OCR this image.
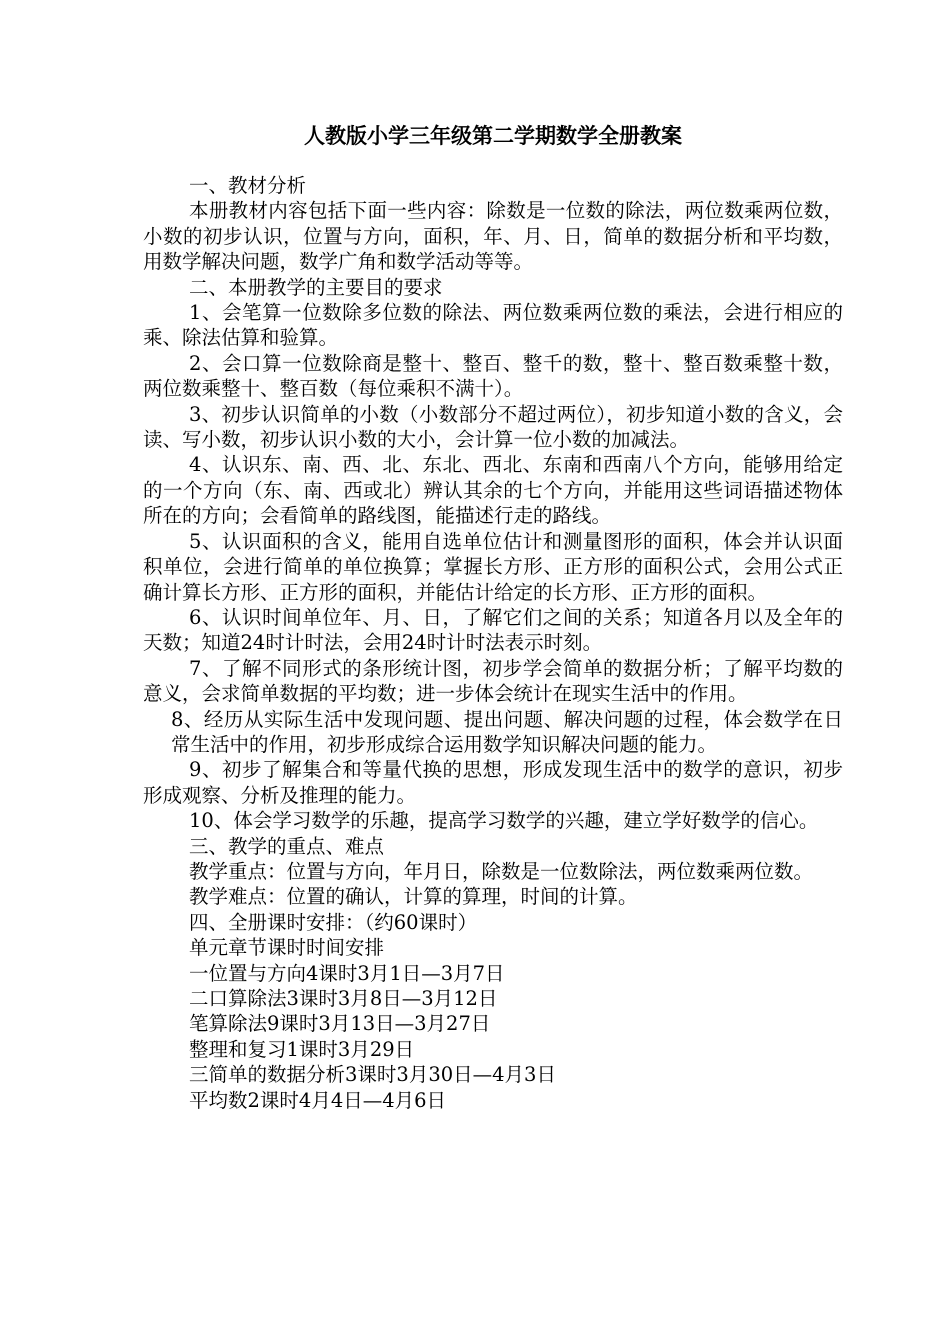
人教版小学三年级第二学期数学全册教案

一、教材分析

本册教材内容包括下面一些内容：除数是一位数的除法，两位数乘两位数，小数的初步认识，位置与方向，面积，年、月、日，简单的数据分析和平均数，用数学解决问题，数学广角和数学活动等等。

二、本册教学的主要目的要求

1、会笔算一位数除多位数的除法、两位数乘两位数的乘法，会进行相应的乘、除法估算和验算。

2、会口算一位数除商是整十、整百、整千的数，整十、整百数乘整十数，两位数乘整十、整百数（每位乘积不满十）。

3、初步认识简单的小数（小数部分不超过两位），初步知道小数的含义，会读、写小数，初步认识小数的大小，会计算一位小数的加减法。

4、认识东、南、西、北、东北、西北、东南和西南八个方向，能够用给定的一个方向（东、南、西或北）辨认其余的七个方向，并能用这些词语描述物体所在的方向；会看简单的路线图，能描述行走的路线。

5、认识面积的含义，能用自选单位估计和测量图形的面积，体会并认识面积单位，会进行简单的单位换算；掌握长方形、正方形的面积公式，会用公式正确计算长方形、正方形的面积，并能估计给定的长方形、正方形的面积。

6、认识时间单位年、月、日，了解它们之间的关系；知道各月以及全年的天数；知道24时计时法，会用24时计时法表示时刻。

7、了解不同形式的条形统计图，初步学会简单的数据分析；了解平均数的意义，会求简单数据的平均数；进一步体会统计在现实生活中的作用。

8、经历从实际生活中发现问题、提出问题、解决问题的过程，体会数学在日常生活中的作用，初步形成综合运用数学知识解决问题的能力。

9、初步了解集合和等量代换的思想，形成发现生活中的数学的意识，初步形成观察、分析及推理的能力。

10、体会学习数学的乐趣，提高学习数学的兴趣，建立学好数学的信心。

三、教学的重点、难点

教学重点：位置与方向，年月日，除数是一位数除法，两位数乘两位数。

教学难点：位置的确认，计算的算理，时间的计算。

四、全册课时安排：（约60课时）

单元章节课时时间安排

一位置与方向4课时3月1日—3月7日

二口算除法3课时3月8日—3月12日

笔算除法9课时3月13日—3月27日

整理和复习1课时3月29日

三简单的数据分析3课时3月30日—4月3日

平均数2课时4月4日—4月6日
